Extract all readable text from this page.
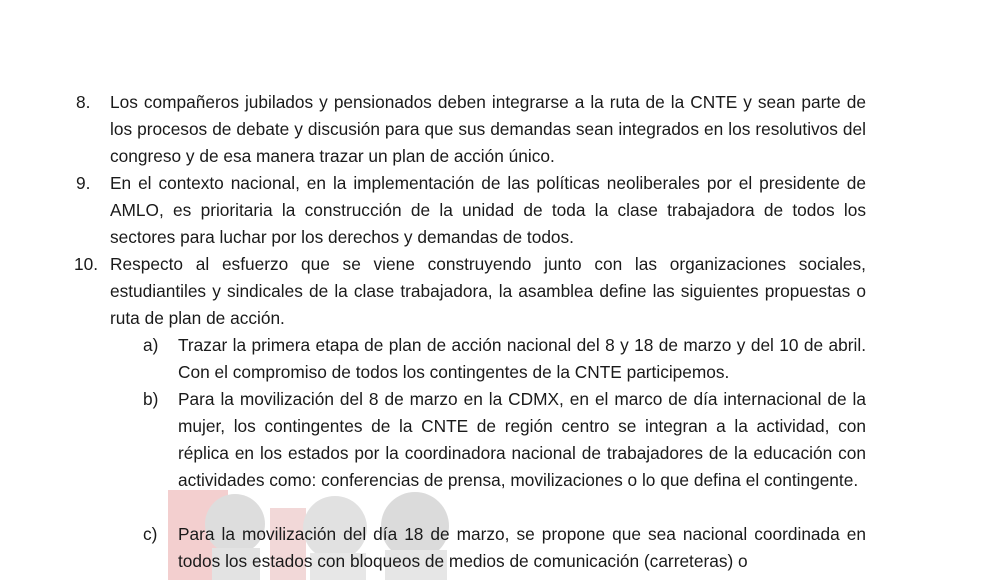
8.	Los compañeros jubilados y pensionados deben integrarse a la ruta de la CNTE y sean parte de los procesos de debate y discusión para que sus demandas sean integrados en los resolutivos del congreso y de esa manera trazar un plan de acción único.
9.	En el contexto nacional, en la implementación de las políticas neoliberales por el presidente de AMLO, es prioritaria la construcción de la unidad de toda la clase trabajadora de todos los sectores para luchar por los derechos y demandas de todos.
10. Respecto al esfuerzo que se viene construyendo junto con las organizaciones sociales, estudiantiles y sindicales de la clase trabajadora, la asamblea define las siguientes propuestas o ruta de plan de acción.
a)	Trazar la primera etapa de plan de acción nacional del 8 y 18 de marzo y del 10 de abril. Con el compromiso de todos los contingentes de la CNTE participemos.
b)	Para la movilización del 8 de marzo en la CDMX, en el marco de día internacional de la mujer, los contingentes de la CNTE de región centro se integran a la actividad, con réplica en los estados por la coordinadora nacional de trabajadores de la educación con actividades como: conferencias de prensa, movilizaciones o lo que defina el contingente.
c)	Para la movilización del día 18 de marzo, se propone que sea nacional coordinada en todos los estados con bloqueos de medios de comunicación (carreteras) o
